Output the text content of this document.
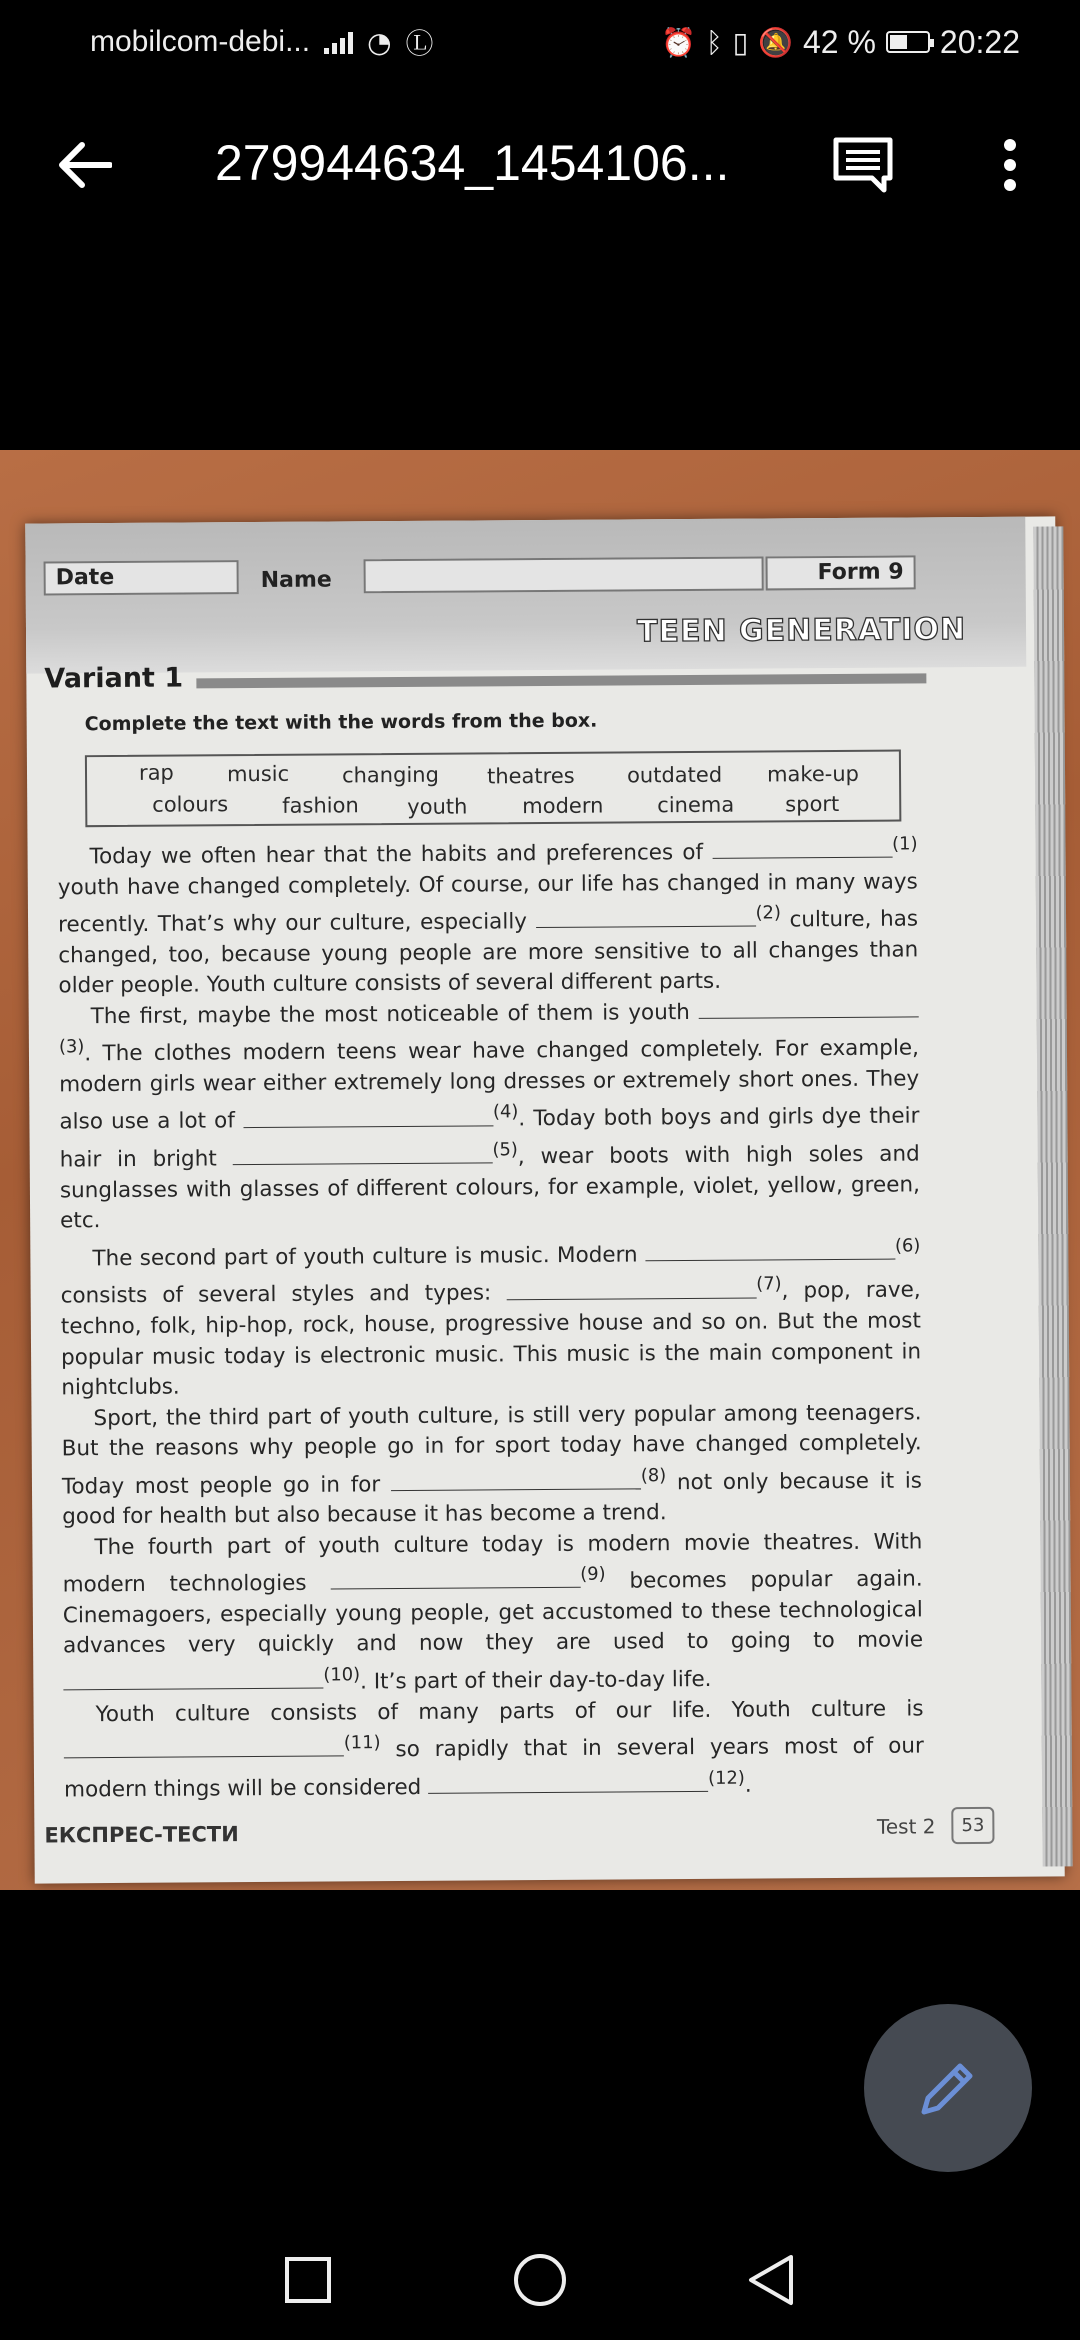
mobilcom-debi... ◔ Ⓛ	⏰ ᛒ ▯ 🔕 42 % 20:22
279944634_1454106...
Date	Name	Form 9
TEEN GENERATION
Variant 1
Complete the text with the words from the box.
rap	music	changing theatres outdated make-up
colours	fashion youth	modern	cinema sport

Today we often hear that the habits and preferences of	$^{(1)}$ youth have changed completely. Of course, our life has changed in many ways recently. That’s why our culture, especially	$^{(2)}$ culture, has changed, too, because young people are more sensitive to all changes than older people. Youth culture consists of several different parts.

The first, maybe the most noticeable of them is youth $^{(3)}$. The clothes modern teens wear have changed completely. For example, modern girls wear either extremely long dresses or extremely short ones. They also use a lot of	$^{(4)}$. Today both boys and girls dye their hair in bright	$^{(5)}$, wear boots with high soles and sunglasses with glasses of different colours, for example, violet, yellow, green, etc.

The second part of youth culture is music. Modern	$^{(6)}$ consists of several styles and types:	$^{(7)}$, pop, rave, techno, folk, hip-hop, rock, house, progressive house and so on. But the most popular music today is electronic music. This music is the main component in nightclubs.

Sport, the third part of youth culture, is still very popular among teenagers. But the reasons why people go in for sport today have changed completely. Today most people go in for	$^{(8)}$ not only because it is good for health but also because it has become a trend.

The fourth part of youth culture today is modern movie theatres. With modern technologies	$^{(9)}$ becomes popular again. Cinemagoers, especially young people, get accustomed to these technological advances very quickly and now they are used to going to movie $^{(10)}$. It’s part of their day-to-day life.

Youth culture consists of many parts of our life. Youth culture is $^{(11)}$ so rapidly that in several years most of our modern things will be considered	$^{(12)}$.

ЕКСПРЕС-ТЕСТИ	Test 2	53
